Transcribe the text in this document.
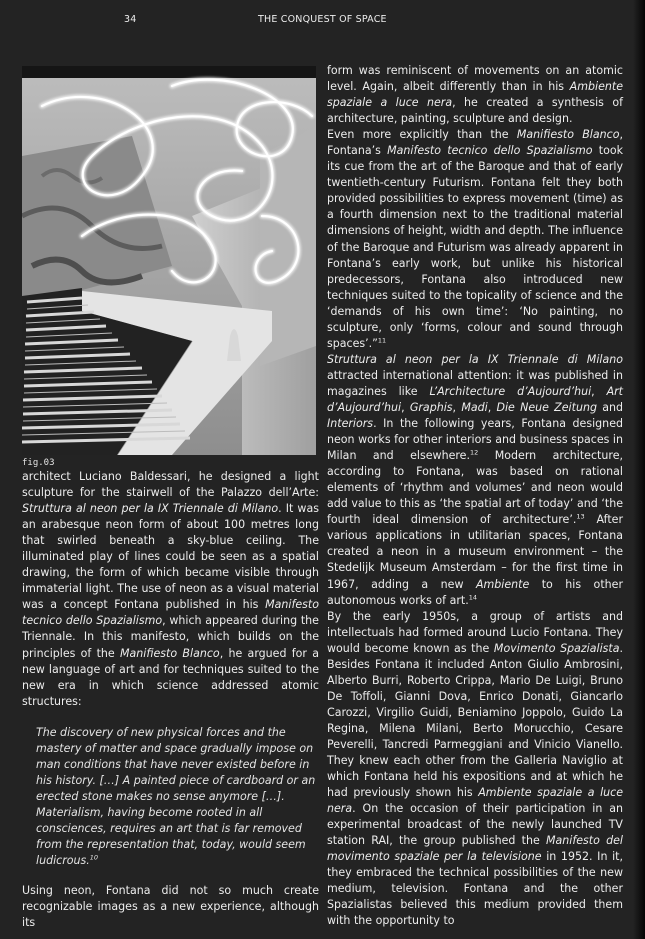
34	THE CONQUEST OF SPACE
fig.03

architect Luciano Baldessari, he designed a light sculpture for the stairwell of the Palazzo dell’Arte: Struttura al neon per la IX Triennale di Milano. It was an arabesque neon form of about 100 metres long that swirled beneath a sky-blue ceiling. The illuminated play of lines could be seen as a spatial drawing, the form of which became visible through immaterial light. The use of neon as a visual material was a concept Fontana published in his Manifesto tecnico dello Spazialismo, which appeared during the Triennale. In this manifesto, which builds on the principles of the Manifiesto Blanco, he argued for a new language of art and for techniques suited to the new era in which science addressed atomic structures:

The discovery of new physical forces and the mastery of matter and space gradually impose on man conditions that have never existed before in his history. […] A painted piece of cardboard or an erected stone makes no sense anymore […]. Materialism, having become rooted in all consciences, requires an art that is far removed from the representation that, today, would seem ludicrous.$^{10}$

Using neon, Fontana did not so much create recognizable images as a new experience, although its

form was reminiscent of movements on an atomic level. Again, albeit differently than in his Ambiente spaziale a luce nera, he created a synthesis of architecture, painting, sculpture and design.

Even more explicitly than the Manifiesto Blanco, Fontana’s Manifesto tecnico dello Spazialismo took its cue from the art of the Baroque and that of early twentieth-century Futurism. Fontana felt they both provided possibilities to express movement (time) as a fourth dimension next to the traditional material dimensions of height, width and depth. The influence of the Baroque and Futurism was already apparent in Fontana’s early work, but unlike his historical predecessors, Fontana also introduced new techniques suited to the topicality of science and the ‘demands of his own time’: ‘No painting, no sculpture, only ‘forms, colour and sound through spaces’.”$^{11}$

Struttura al neon per la IX Triennale di Milano attracted international attention: it was published in magazines like L’Architecture d’Aujourd’hui, Art d’Aujourd’hui, Graphis, Madi, Die Neue Zeitung and Interiors. In the following years, Fontana designed neon works for other interiors and business spaces in Milan and elsewhere.$^{12}$ Modern architecture, according to Fontana, was based on rational elements of ‘rhythm and volumes’ and neon would add value to this as ‘the spatial art of today’ and ‘the fourth ideal dimension of architecture’.$^{13}$ After various applications in utilitarian spaces, Fontana created a neon in a museum environment – the Stedelijk Museum Amsterdam – for the first time in 1967, adding a new Ambiente to his other autonomous works of art.$^{14}$

By the early 1950s, a group of artists and intellectuals had formed around Lucio Fontana. They would become known as the Movimento Spazialista. Besides Fontana it included Anton Giulio Ambrosini, Alberto Burri, Roberto Crippa, Mario De Luigi, Bruno De Toffoli, Gianni Dova, Enrico Donati, Giancarlo Carozzi, Virgilio Guidi, Beniamino Joppolo, Guido La Regina, Milena Milani, Berto Morucchio, Cesare Peverelli, Tancredi Parmeggiani and Vinicio Vianello. They knew each other from the Galleria Naviglio at which Fontana held his expositions and at which he had previously shown his Ambiente spaziale a luce nera. On the occasion of their participation in an experimental broadcast of the newly launched TV station RAI, the group published the Manifesto del movimento spaziale per la televisione in 1952. In it, they embraced the technical possibilities of the new medium, television. Fontana and the other Spazialistas believed this medium provided them with the opportunity to
